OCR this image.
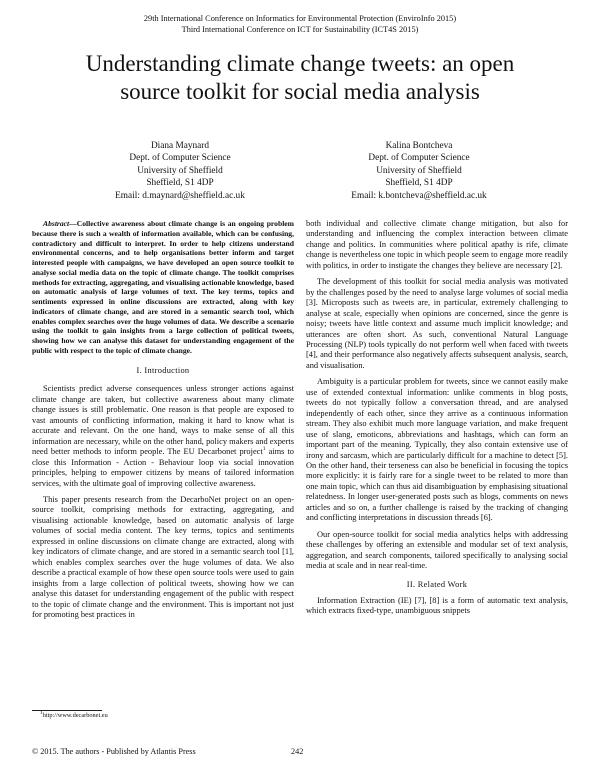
29th International Conference on Informatics for Environmental Protection (EnviroInfo 2015)
Third International Conference on ICT for Sustainability (ICT4S 2015)
Understanding climate change tweets: an open
source toolkit for social media analysis
Diana Maynard
Dept. of Computer Science
University of Sheffield
Sheffield, S1 4DP
Email: d.maynard@sheffield.ac.uk
Kalina Bontcheva
Dept. of Computer Science
University of Sheffield
Sheffield, S1 4DP
Email: k.bontcheva@sheffield.ac.uk

Abstract—Collective awareness about climate change is an ongoing problem because there is such a wealth of information available, which can be confusing, contradictory and difficult to interpret. In order to help citizens understand environmental concerns, and to help organisations better inform and target interested people with campaigns, we have developed an open source toolkit to analyse social media data on the topic of climate change. The toolkit comprises methods for extracting, aggregating, and visualising actionable knowledge, based on automatic analysis of large volumes of text. The key terms, topics and sentiments expressed in online discussions are extracted, along with key indicators of climate change, and are stored in a semantic search tool, which enables complex searches over the huge volumes of data. We describe a scenario using the toolkit to gain insights from a large collection of political tweets, showing how we can analyse this dataset for understanding engagement of the public with respect to the topic of climate change.

I. Introduction

Scientists predict adverse consequences unless stronger actions against climate change are taken, but collective awareness about many climate change issues is still problematic. One reason is that people are exposed to vast amounts of conflicting information, making it hard to know what is accurate and relevant. On the one hand, ways to make sense of all this information are necessary, while on the other hand, policy makers and experts need better methods to inform people. The EU Decarbonet project$^1$ aims to close this Information - Action - Behaviour loop via social innovation principles, helping to empower citizens by means of tailored information services, with the ultimate goal of improving collective awareness.

This paper presents research from the DecarboNet project on an open-source toolkit, comprising methods for extracting, aggregating, and visualising actionable knowledge, based on automatic analysis of large volumes of social media content. The key terms, topics and sentiments expressed in online discussions on climate change are extracted, along with key indicators of climate change, and are stored in a semantic search tool [1], which enables complex searches over the huge volumes of data. We also describe a practical example of how these open source tools were used to gain insights from a large collection of political tweets, showing how we can analyse this dataset for understanding engagement of the public with respect to the topic of climate change and the environment. This is important not just for promoting best practices in

$^1$http://www.decarbonet.eu

both individual and collective climate change mitigation, but also for understanding and influencing the complex interaction between climate change and politics. In communities where political apathy is rife, climate change is nevertheless one topic in which people seem to engage more readily with politics, in order to instigate the changes they believe are necessary [2].

The development of this toolkit for social media analysis was motivated by the challenges posed by the need to analyse large volumes of social media [3]. Microposts such as tweets are, in particular, extremely challenging to analyse at scale, especially when opinions are concerned, since the genre is noisy; tweets have little context and assume much implicit knowledge; and utterances are often short. As such, conventional Natural Language Processing (NLP) tools typically do not perform well when faced with tweets [4], and their performance also negatively affects subsequent analysis, search, and visualisation.

Ambiguity is a particular problem for tweets, since we cannot easily make use of extended contextual information: unlike comments in blog posts, tweets do not typically follow a conversation thread, and are analysed independently of each other, since they arrive as a continuous information stream. They also exhibit much more language variation, and make frequent use of slang, emoticons, abbreviations and hashtags, which can form an important part of the meaning. Typically, they also contain extensive use of irony and sarcasm, which are particularly difficult for a machine to detect [5]. On the other hand, their terseness can also be beneficial in focusing the topics more explicitly: it is fairly rare for a single tweet to be related to more than one main topic, which can thus aid disambiguation by emphasising situational relatedness. In longer user-generated posts such as blogs, comments on news articles and so on, a further challenge is raised by the tracking of changing and conflicting interpretations in discussion threads [6].

Our open-source toolkit for social media analytics helps with addressing these challenges by offering an extensible and modular set of text analysis, aggregation, and search components, tailored specifically to analysing social media at scale and in near real-time.

II. Related Work

Information Extraction (IE) [7], [8] is a form of automatic text analysis, which extracts fixed-type, unambiguous snippets

© 2015. The authors - Published by Atlantis Press	242
